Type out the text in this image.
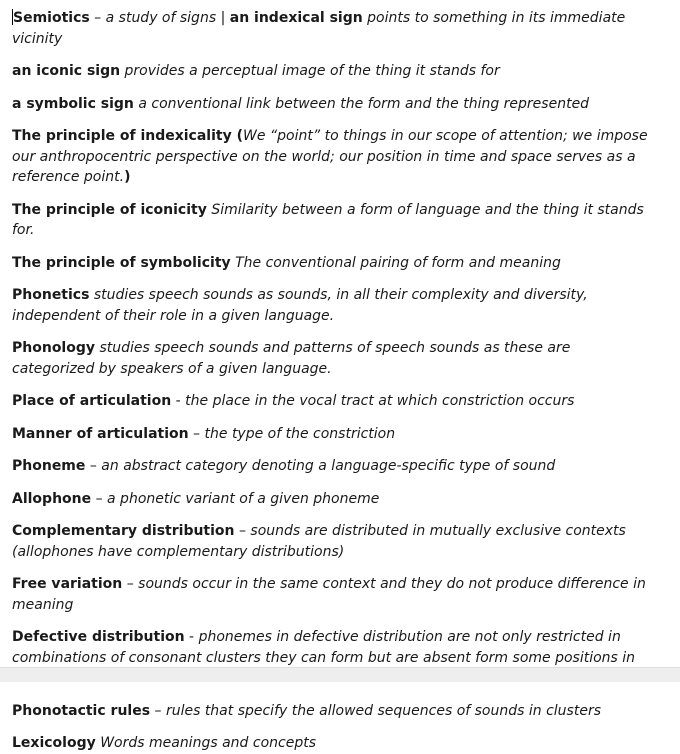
Semiotics – a study of signs | an indexical sign points to something in its immediate vicinity

an iconic sign provides a perceptual image of the thing it stands for

a symbolic sign a conventional link between the form and the thing represented

The principle of indexicality (We “point” to things in our scope of attention; we impose our anthropocentric perspective on the world; our position in time and space serves as a reference point.)

The principle of iconicity Similarity between a form of language and the thing it stands for.

The principle of symbolicity The conventional pairing of form and meaning

Phonetics studies speech sounds as sounds, in all their complexity and diversity, independent of their role in a given language.

Phonology studies speech sounds and patterns of speech sounds as these are categorized by speakers of a given language.

Place of articulation - the place in the vocal tract at which constriction occurs

Manner of articulation – the type of the constriction

Phoneme – an abstract category denoting a language-specific type of sound

Allophone – a phonetic variant of a given phoneme

Complementary distribution – sounds are distributed in mutually exclusive contexts (allophones have complementary distributions)

Free variation – sounds occur in the same context and they do not produce difference in meaning

Defective distribution - phonemes in defective distribution are not only restricted in combinations of consonant clusters they can form but are absent form some positions in

Phonotactic rules – rules that specify the allowed sequences of sounds in clusters

Lexicology Words meanings and concepts
